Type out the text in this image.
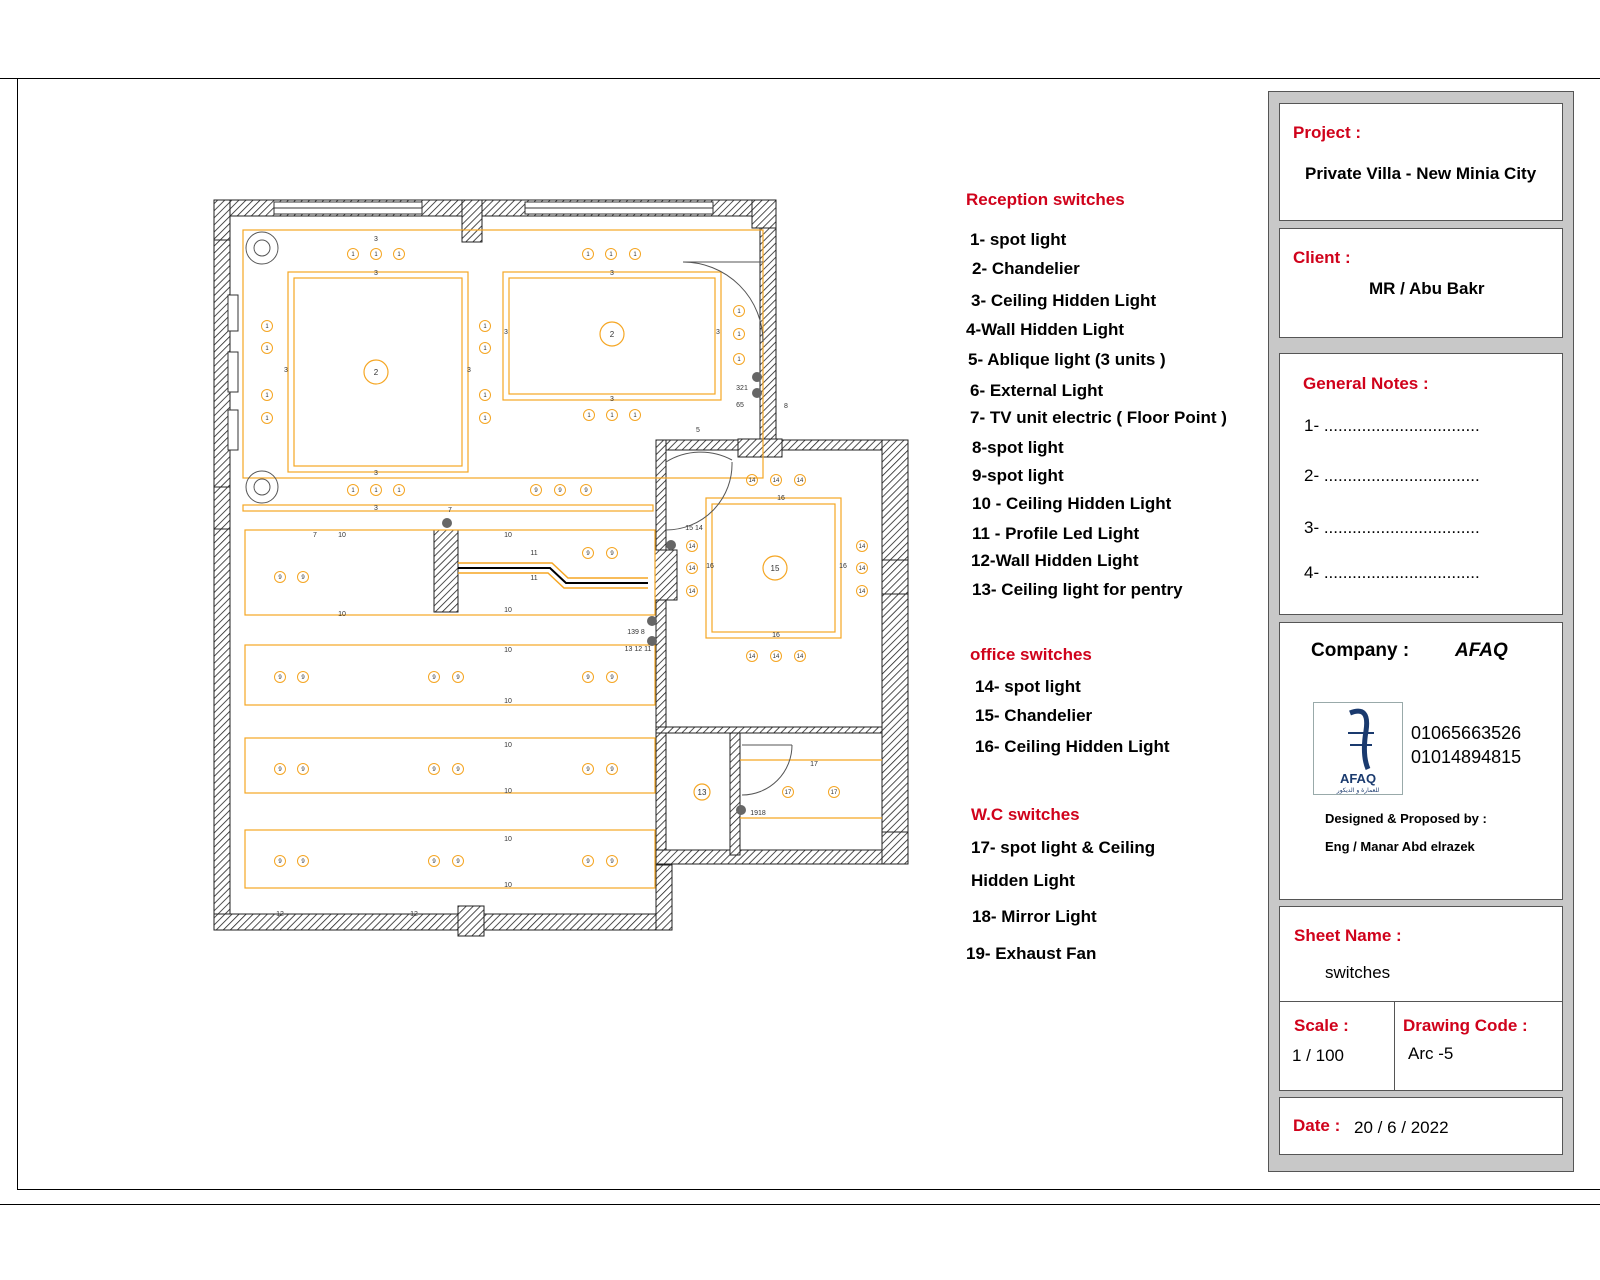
2
2
15
13
1	1	1	1	1	1
1
1
1
1
1
1
1
1
1
1
1
1	1	1
1	1	1	9	9	9
9	9
9	9
9	9	9	9	9	9
9	9	9	9	9	9
9	9	9	9	9	9
14	14	14
14
14
14
14
14
14
14	14	14
17	17
3
3
3
3
3
3
3	3
3	3
10	10
10
10
10
10
10
10
10
10
11
11
12	12
16
16
16	16
17
5
7
7
8
321
65
15 14
139 8
13 12 11
1918
Reception switches
1- spot light
2- Chandelier
3- Ceiling Hidden Light
4-Wall Hidden Light
5- Ablique light (3 units )
6- External Light
7- TV unit electric ( Floor Point )
8-spot light
9-spot light
10 - Ceiling Hidden Light
11 - Profile Led Light
12-Wall Hidden Light
13- Ceiling light for pentry
office switches
14- spot light
15- Chandelier
16- Ceiling Hidden Light
W.C switches
17- spot light & Ceiling
Hidden Light
18- Mirror Light
19- Exhaust Fan
Project :
Private Villa - New Minia City
Client :
MR / Abu Bakr
General Notes :
1- .................................
2- .................................
3- .................................
4- .................................
Company : AFAQ
AFAQ
للعمارة و الديكور
01065663526
01014894815
Designed & Proposed by :
Eng / Manar Abd elrazek
Sheet Name :
switches
Scale :
1 / 100
Drawing Code :
Arc -5
Date : 20 / 6 / 2022
